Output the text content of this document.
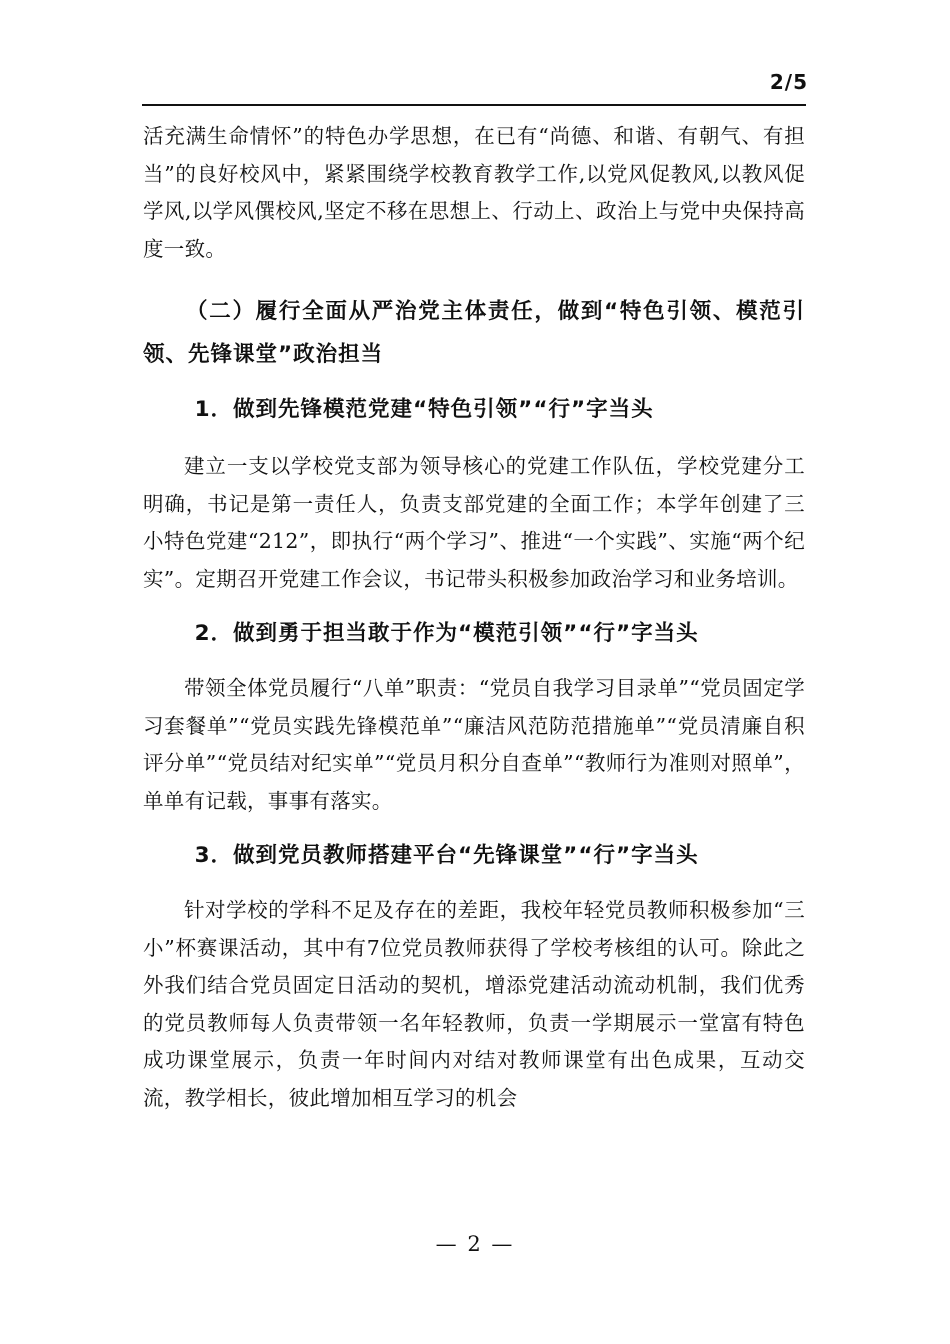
2/5

活充满生命情怀”的特色办学思想，在已有“尚德、和谐、有朝气、有担当”的良好校风中，紧紧围绕学校教育教学工作,以党风促教风,以教风促学风,以学风僎校风,坚定不移在思想上、行动上、政治上与党中央保持高度一致。

（二）履行全面从严治党主体责任，做到“特色引领、模范引领、先锋课堂”政治担当

1．做到先锋模范党建“特色引领”“行”字当头

建立一支以学校党支部为领导核心的党建工作队伍，学校党建分工明确，书记是第一责任人，负责支部党建的全面工作；本学年创建了三小特色党建“212”，即执行“两个学习”、推进“一个实践”、实施“两个纪实”。定期召开党建工作会议，书记带头积极参加政治学习和业务培训。

2．做到勇于担当敢于作为“模范引领”“行”字当头

带领全体党员履行“八单”职责：“党员自我学习目录单”“党员固定学习套餐单”“党员实践先锋模范单”“廉洁风范防范措施单”“党员清廉自积评分单”“党员结对纪实单”“党员月积分自查单”“教师行为准则对照单”，单单有记载，事事有落实。

3．做到党员教师搭建平台“先锋课堂”“行”字当头

针对学校的学科不足及存在的差距，我校年轻党员教师积极参加“三小”杯赛课活动，其中有7位党员教师获得了学校考核组的认可。除此之外我们结合党员固定日活动的契机，增添党建活动流动机制，我们优秀的党员教师每人负责带领一名年轻教师，负责一学期展示一堂富有特色成功课堂展示，负责一年时间内对结对教师课堂有出色成果，互动交流，教学相长，彼此增加相互学习的机会

— 2 —
